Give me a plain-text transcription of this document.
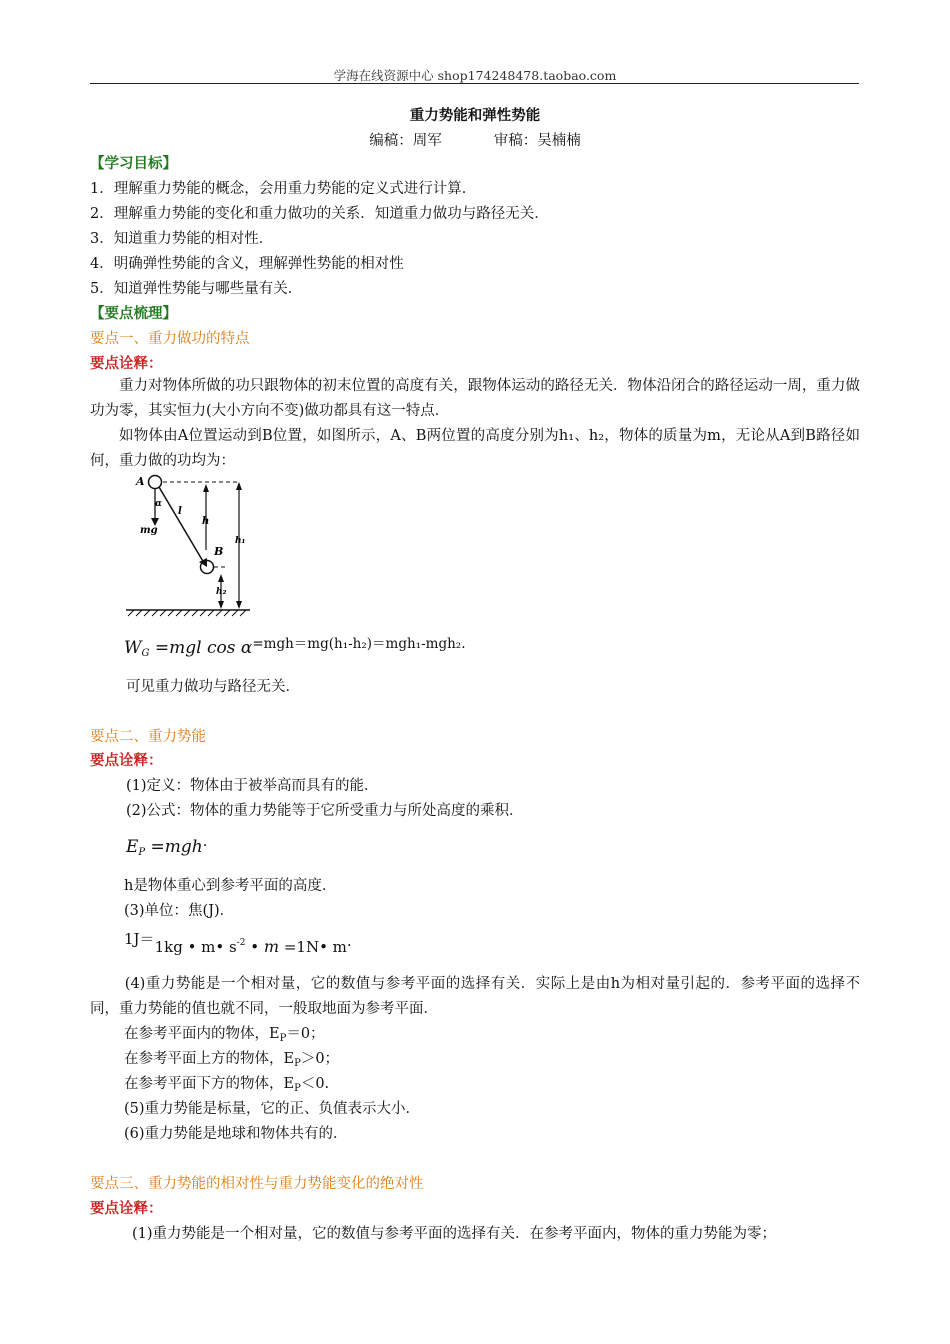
学海在线资源中心 shop174248478.taobao.com
重力势能和弹性势能
编稿：周军	审稿：吴楠楠
【学习目标】
1．理解重力势能的概念，会用重力势能的定义式进行计算．
2．理解重力势能的变化和重力做功的关系．知道重力做功与路径无关．
3．知道重力势能的相对性．
4．明确弹性势能的含义，理解弹性势能的相对性
5．知道弹性势能与哪些量有关．
【要点梳理】
要点一、重力做功的特点
要点诠释：
重力对物体所做的功只跟物体的初末位置的高度有关，跟物体运动的路径无关．物体沿闭合的路径运动一周，重力做功为零，其实恒力(大小方向不变)做功都具有这一特点．
如物体由A位置运动到B位置，如图所示，A、B两位置的高度分别为h₁、h₂，物体的质量为m，无论从A到B路径如何，重力做的功均为：
A
α
mg
l
h
B
h₁
h₂
$W_G =mgl$ cos α=mgh＝mg(h₁-h₂)＝mgh₁-mgh₂.
可见重力做功与路径无关．
要点二、重力势能
要点诠释：
(1)定义：物体由于被举高而具有的能．
(2)公式：物体的重力势能等于它所受重力与所处高度的乘积．
$E_P =mgh$.
h是物体重心到参考平面的高度．
(3)单位：焦(J)．
1J＝1kg • m• $s^{-2}$ • m =1N• m.
(4)重力势能是一个相对量，它的数值与参考平面的选择有关．实际上是由h为相对量引起的．参考平面的选择不同，重力势能的值也就不同，一般取地面为参考平面．
在参考平面内的物体，$E_P=0$；
在参考平面上方的物体，$E_P>0$；
在参考平面下方的物体，$E_P<0$.
(5)重力势能是标量，它的正、负值表示大小．
(6)重力势能是地球和物体共有的．
要点三、重力势能的相对性与重力势能变化的绝对性
要点诠释：
(1)重力势能是一个相对量，它的数值与参考平面的选择有关．在参考平面内，物体的重力势能为零；
